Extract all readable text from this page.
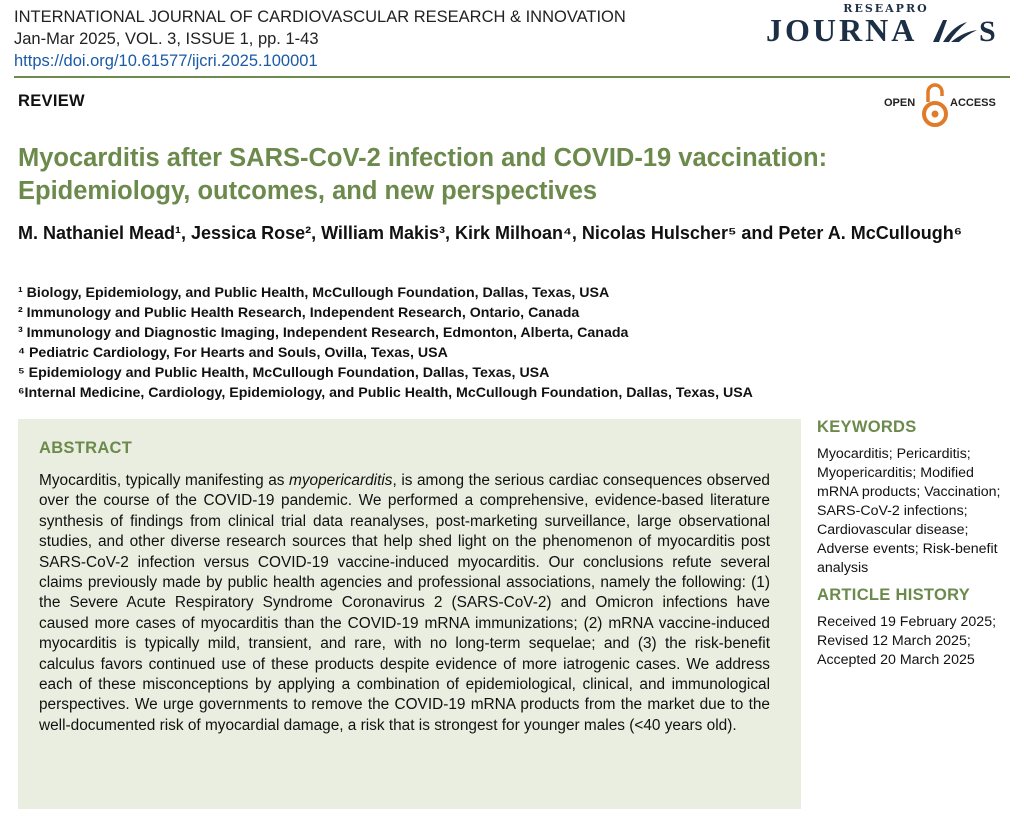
INTERNATIONAL JOURNAL OF CARDIOVASCULAR RESEARCH & INNOVATION
Jan-Mar 2025, VOL. 3, ISSUE 1, pp. 1-43
https://doi.org/10.61577/ijcri.2025.100001
RESEAPRO
JOURNA S
REVIEW	OPEN	ACCESS
Myocarditis after SARS-CoV-2 infection and COVID-19 vaccination: Epidemiology, outcomes, and new perspectives
M. Nathaniel Mead¹, Jessica Rose², William Makis³, Kirk Milhoan⁴, Nicolas Hulscher⁵ and Peter A. McCullough⁶
¹ Biology, Epidemiology, and Public Health, McCullough Foundation, Dallas, Texas, USA
² Immunology and Public Health Research, Independent Research, Ontario, Canada
³ Immunology and Diagnostic Imaging, Independent Research, Edmonton, Alberta, Canada
⁴ Pediatric Cardiology, For Hearts and Souls, Ovilla, Texas, USA
⁵ Epidemiology and Public Health, McCullough Foundation, Dallas, Texas, USA
⁶Internal Medicine, Cardiology, Epidemiology, and Public Health, McCullough Foundation, Dallas, Texas, USA
ABSTRACT

Myocarditis, typically manifesting as myopericarditis, is among the serious cardiac consequences observed over the course of the COVID-19 pandemic. We performed a comprehensive, evidence-based literature synthesis of findings from clinical trial data reanalyses, post-marketing surveillance, large observational studies, and other diverse research sources that help shed light on the phenomenon of myocarditis post SARS-CoV-2 infection versus COVID-19 vaccine-induced myocarditis. Our conclusions refute several claims previously made by public health agencies and professional associations, namely the following: (1) the Severe Acute Respiratory Syndrome Coronavirus 2 (SARS-CoV-2) and Omicron infections have caused more cases of myocarditis than the COVID-19 mRNA immunizations; (2) mRNA vaccine-induced myocarditis is typically mild, transient, and rare, with no long-term sequelae; and (3) the risk-benefit calculus favors continued use of these products despite evidence of more iatrogenic cases. We address each of these misconceptions by applying a combination of epidemiological, clinical, and immunological perspectives. We urge governments to remove the COVID-19 mRNA products from the market due to the well-documented risk of myocardial damage, a risk that is strongest for younger males (<40 years old).

KEYWORDS
Myocarditis; Pericarditis; Myopericarditis; Modified mRNA products; Vaccination; SARS-CoV-2 infections; Cardiovascular disease; Adverse events; Risk-benefit analysis
ARTICLE HISTORY
Received 19 February 2025;
Revised 12 March 2025;
Accepted 20 March 2025
